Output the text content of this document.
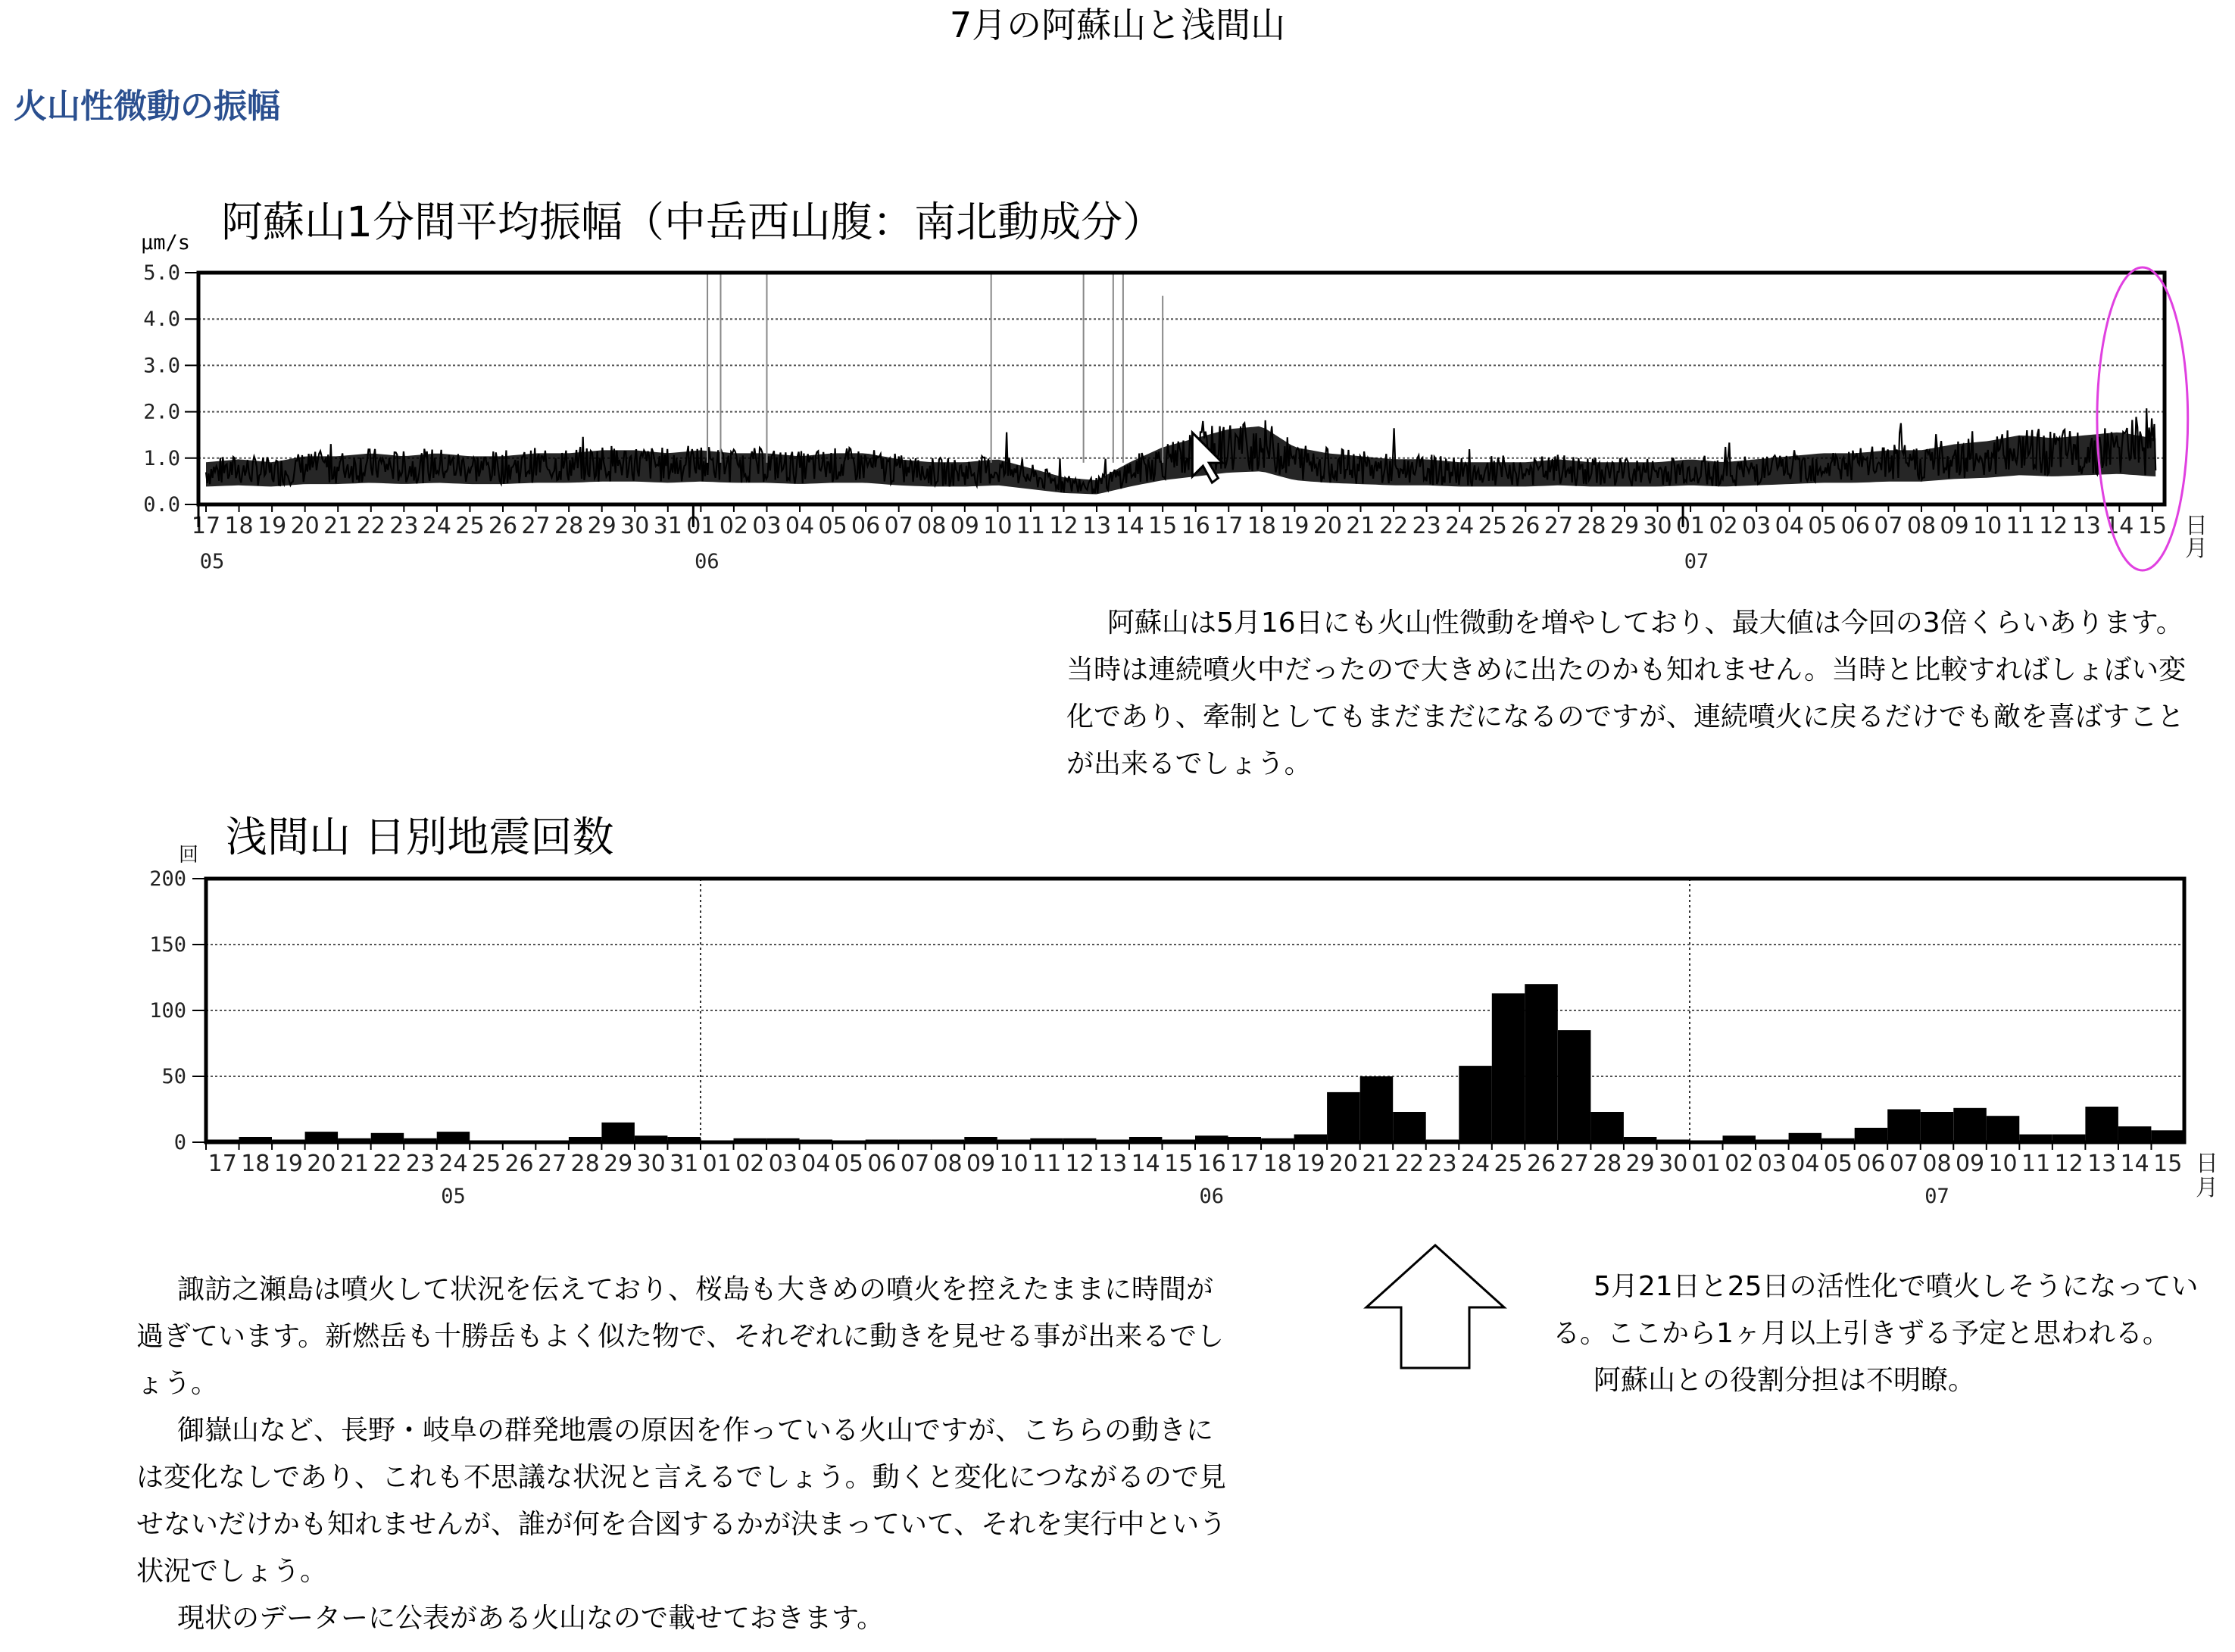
7月の阿蘇山と浅間山
火山性微動の振幅
阿蘇山1分間平均振幅（中岳西山腹：南北動成分）
μm/s
5.0
4.0
3.0
2.0
1.0
0.0
17 18 19 20 21 22 23 24 25 26 27 28 29 30 31 01 02 03 04 05 06 07 08 09 10 11 12 13 14 15 16 17 18 19 20 21 22 23 24 25 26 27 28 29 30 01 02 03 04 05 06 07 08 09 10 11 12 13 14 15
05	06	07
日
月

阿蘇山は5月16日にも火山性微動を増やしており、最大値は今回の3倍くらいあります。当時は連続噴火中だったので大きめに出たのかも知れません。当時と比較すればしょぼい変化であり、牽制としてもまだまだになるのですが、連続噴火に戻るだけでも敵を喜ばすことが出来るでしょう。

浅間山 日別地震回数
回
200
150
100
50
0
17 18 19 20 21 22 23 24 25 26 27 28 29 30 31 01 02 03 04 05 06 07 08 09 10 11 12 13 14 15 16 17 18 19 20 21 22 23 24 25 26 27 28 29 30 01 02 03 04 05 06 07 08 09 10 11 12 13 14 15
05	06	07
日
月

諏訪之瀬島は噴火して状況を伝えており、桜島も大きめの噴火を控えたままに時間が過ぎています。新燃岳も十勝岳もよく似た物で、それぞれに動きを見せる事が出来るでしょう。

御嶽山など、長野・岐阜の群発地震の原因を作っている火山ですが、こちらの動きには変化なしであり、これも不思議な状況と言えるでしょう。動くと変化につながるので見せないだけかも知れませんが、誰が何を合図するかが決まっていて、それを実行中という状況でしょう。

現状のデーターに公表がある火山なので載せておきます。

5月21日と25日の活性化で噴火しそうになっている。ここから1ヶ月以上引きずる予定と思われる。

阿蘇山との役割分担は不明瞭。
